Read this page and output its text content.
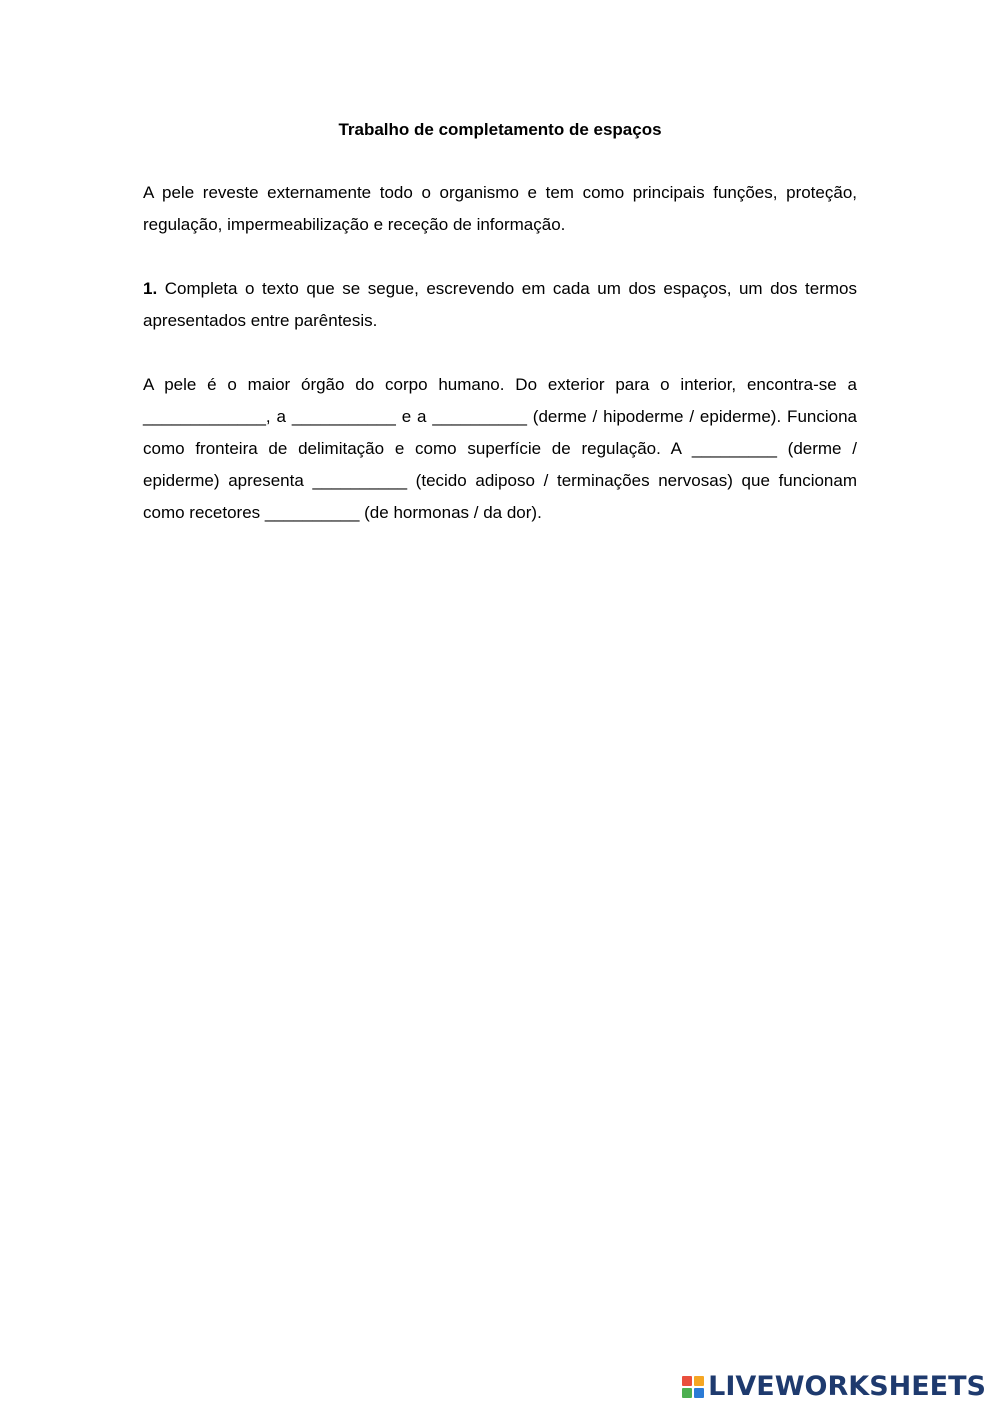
Trabalho de completamento de espaços
A pele reveste externamente todo o organismo e tem como principais funções, proteção, regulação, impermeabilização e receção de informação.
1. Completa o texto que se segue, escrevendo em cada um dos espaços, um dos termos apresentados entre parêntesis.
A pele é o maior órgão do corpo humano. Do exterior para o interior, encontra-se a _____________, a ___________ e a __________ (derme / hipoderme / epiderme). Funciona como fronteira de delimitação e como superfície de regulação. A _________ (derme / epiderme) apresenta __________ (tecido adiposo / terminações nervosas) que funcionam como recetores __________ (de hormonas / da dor).
LIVEWORKSHEETS
